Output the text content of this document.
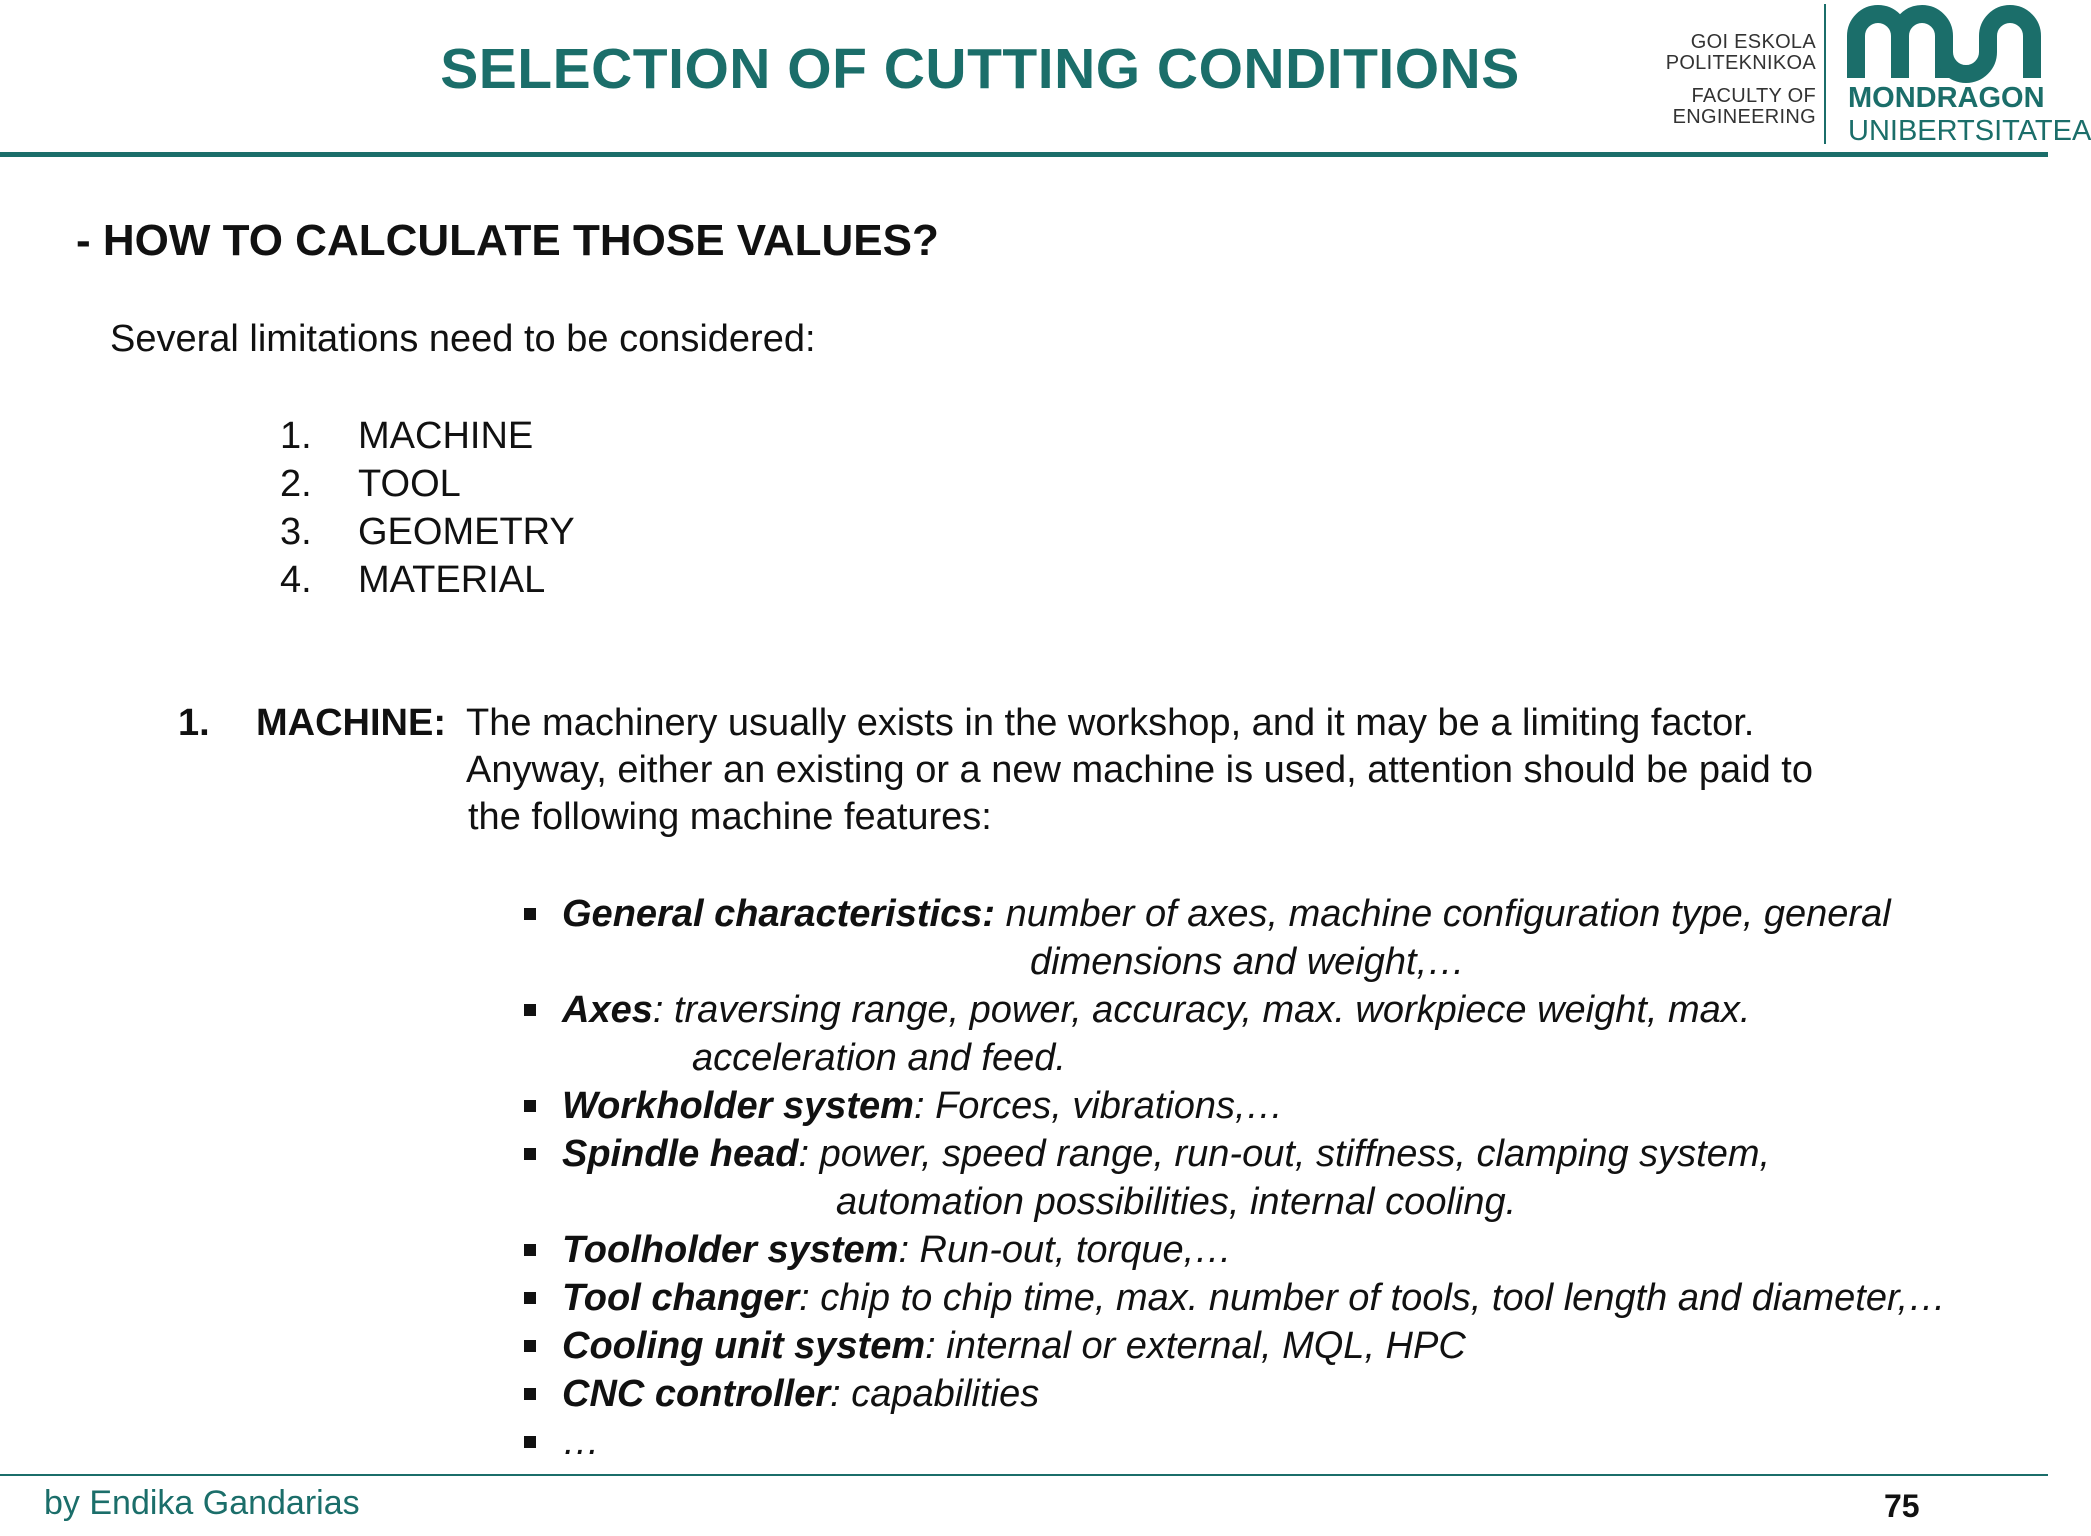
SELECTION OF CUTTING CONDITIONS	GOI ESKOLA
POLITEKNIKOA
FACULTY OF
ENGINEERING
MONDRAGON
UNIBERTSITATEA
- HOW TO CALCULATE THOSE VALUES?
Several limitations need to be considered:
1. MACHINE
2. TOOL
3. GEOMETRY
4. MATERIAL
1. MACHINE: The machinery usually exists in the workshop, and it may be a limiting factor.
Anyway, either an existing or a new machine is used, attention should be paid to
the following machine features:
General characteristics: number of axes, machine configuration type, general
dimensions and weight,…
Axes: traversing range, power, accuracy, max. workpiece weight, max.
acceleration and feed.
Workholder system: Forces, vibrations,…
Spindle head: power, speed range, run-out, stiffness, clamping system,
automation possibilities, internal cooling.
Toolholder system: Run-out, torque,…
Tool changer: chip to chip time, max. number of tools, tool length and diameter,…
Cooling unit system: internal or external, MQL, HPC
CNC controller: capabilities
…
by Endika Gandarias	75
